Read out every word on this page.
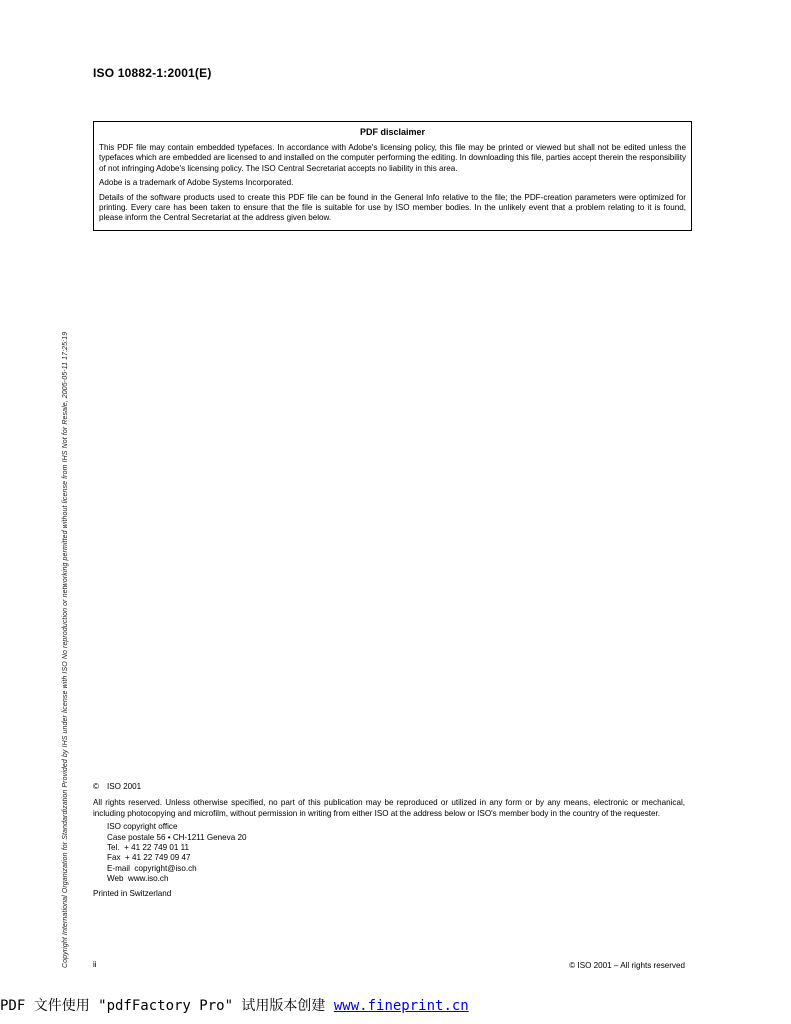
ISO 10882-1:2001(E)
PDF disclaimer

This PDF file may contain embedded typefaces. In accordance with Adobe's licensing policy, this file may be printed or viewed but shall not be edited unless the typefaces which are embedded are licensed to and installed on the computer performing the editing. In downloading this file, parties accept therein the responsibility of not infringing Adobe's licensing policy. The ISO Central Secretariat accepts no liability in this area.

Adobe is a trademark of Adobe Systems Incorporated.

Details of the software products used to create this PDF file can be found in the General Info relative to the file; the PDF-creation parameters were optimized for printing. Every care has been taken to ensure that the file is suitable for use by ISO member bodies. In the unlikely event that a problem relating to it is found, please inform the Central Secretariat at the address given below.

Copyright International Organization for Standardization Provided by IHS under license with ISO No reproduction or networking permitted without license from IHS Not for Resale, 2005-05-11 17:25:19	© ISO 2001

All rights reserved. Unless otherwise specified, no part of this publication may be reproduced or utilized in any form or by any means, electronic or mechanical, including photocopying and microfilm, without permission in writing from either ISO at the address below or ISO's member body in the country of the requester.

ISO copyright office
Case postale 56 • CH-1211 Geneva 20
Tel.  + 41 22 749 01 11
Fax  + 41 22 749 09 47
E-mail  copyright@iso.ch
Web  www.iso.ch

Printed in Switzerland

ii	© ISO 2001 – All rights reserved
PDF 文件使用 "pdfFactory Pro" 试用版本创建 www.fineprint.cn
